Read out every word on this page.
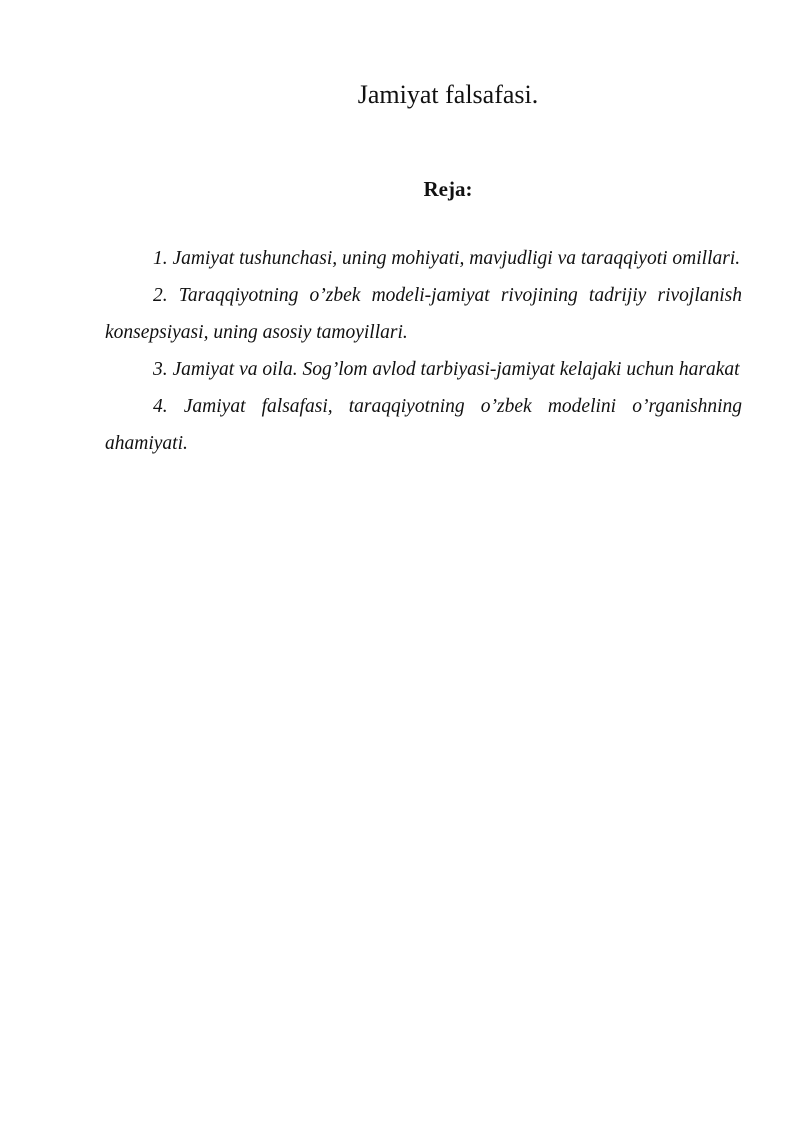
Jamiyat falsafasi.
Reja:
1. Jamiyat tushunchasi, uning mohiyati, mavjudligi va taraqqiyoti omillari.
2. Taraqqiyotning o’zbek modeli-jamiyat rivojining tadrijiy rivojlanish konsepsiyasi, uning asosiy tamoyillari.
3. Jamiyat va oila. Sog’lom avlod tarbiyasi-jamiyat kelajaki uchun harakat
4. Jamiyat falsafasi, taraqqiyotning o’zbek modelini o’rganishning ahamiyati.
